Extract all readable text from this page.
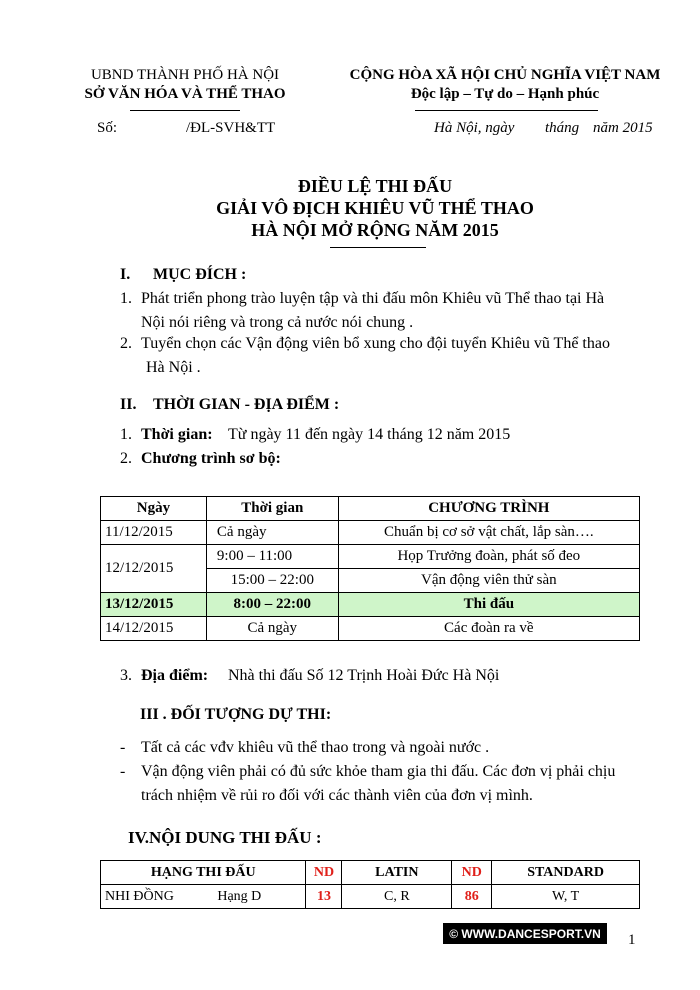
UBND THÀNH PHỐ HÀ NỘI
SỞ VĂN HÓA VÀ THỂ THAO
Số:	/ĐL-SVH&TT
CỘNG HÒA XÃ HỘI CHỦ NGHĨA VIỆT NAM
Độc lập – Tự do – Hạnh phúc
Hà Nội, ngày tháng năm 2015
ĐIỀU LỆ THI ĐẤU
GIẢI VÔ ĐỊCH KHIÊU VŨ THỂ THAO
HÀ NỘI MỞ RỘNG NĂM 2015
I. MỤC ĐÍCH :
1. Phát triển phong trào luyện tập và thi đấu môn Khiêu vũ Thể thao tại Hà
Nội nói riêng và trong cả nước nói chung .
2. Tuyển chọn các Vận động viên bổ xung cho đội tuyển Khiêu vũ Thể thao
Hà Nội .
II. THỜI GIAN - ĐỊA ĐIỂM :
1. Thời gian: Từ ngày 11 đến ngày 14 tháng 12 năm 2015
2. Chương trình sơ bộ:
Ngày	Thời gian	CHƯƠNG TRÌNH
11/12/2015	Cả ngày	Chuẩn bị cơ sở vật chất, lắp sàn….
12/12/2015	9:00 – 11:00	Họp Trưởng đoàn, phát số đeo
	15:00 – 22:00	Vận động viên thử sàn
13/12/2015	8:00 – 22:00	Thi đấu
14/12/2015	Cả ngày	Các đoàn ra về
3. Địa điểm: Nhà thi đấu Số 12 Trịnh Hoài Đức Hà Nội
III . ĐỐI TƯỢNG DỰ THI:
- Tất cả các vđv khiêu vũ thể thao trong và ngoài nước .
- Vận động viên phải có đủ sức khỏe tham gia thi đấu. Các đơn vị phải chịu
trách nhiệm về rủi ro đối với các thành viên của đơn vị mình.
IV.NỘI DUNG THI ĐẤU :
HẠNG THI ĐẤU	ND	LATIN	ND	STANDARD
NHI ĐỒNG Hạng D	13	C, R	86	W, T
© WWW.DANCESPORT.VN	1
